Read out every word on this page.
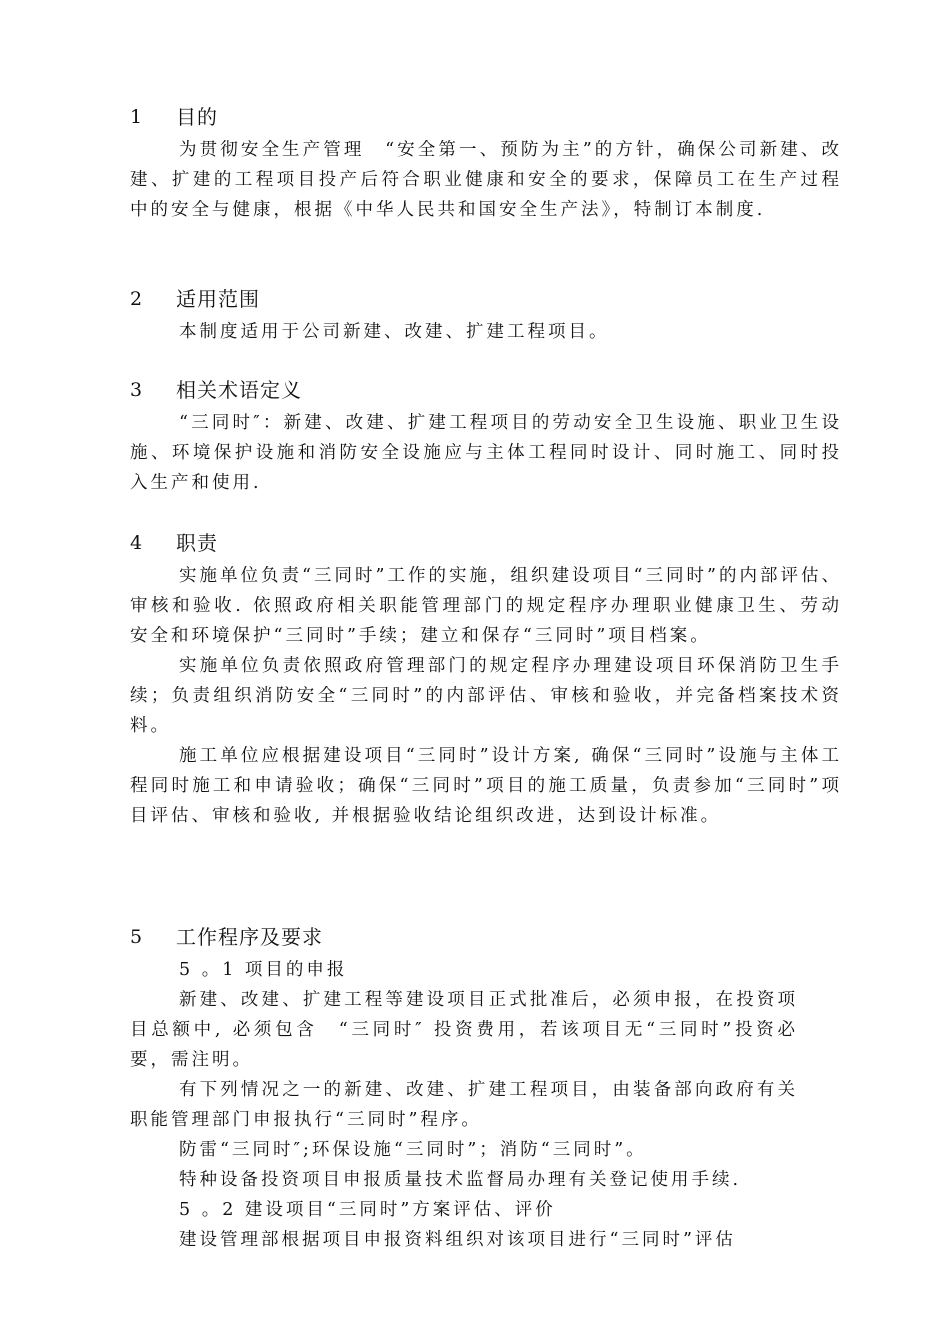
1 目的

为贯彻安全生产管理　“安全第一、预防为主”的方针，确保公司新建、改建、扩建的工程项目投产后符合职业健康和安全的要求，保障员工在生产过程中的安全与健康，根据《中华人民共和国安全生产法》，特制订本制度.

2 适用范围

本制度适用于公司新建、改建、扩建工程项目。

3 相关术语定义

“三同时″：新建、改建、扩建工程项目的劳动安全卫生设施、职业卫生设施、环境保护设施和消防安全设施应与主体工程同时设计、同时施工、同时投入生产和使用.

4 职责

实施单位负责“三同时”工作的实施，组织建设项目“三同时”的内部评估、审核和验收. 依照政府相关职能管理部门的规定程序办理职业健康卫生、劳动安全和环境保护“三同时”手续；建立和保存“三同时”项目档案。

实施单位负责依照政府管理部门的规定程序办理建设项目环保消防卫生手续；负责组织消防安全“三同时”的内部评估、审核和验收，并完备档案技术资料。

施工单位应根据建设项目“三同时”设计方案, 确保“三同时”设施与主体工程同时施工和申请验收；确保“三同时”项目的施工质量，负责参加“三同时”项目评估、审核和验收, 并根据验收结论组织改进，达到设计标准。

5 工作程序及要求
5 。1 项目的申报

新建、改建、扩建工程等建设项目正式批准后，必须申报，在投资项目总额中, 必须包含　“三同时″ 投资费用，若该项目无“三同时”投资必要，需注明。

有下列情况之一的新建、改建、扩建工程项目，由装备部向政府有关职能管理部门申报执行“三同时”程序。

防雷“三同时″;环保设施“三同时”；消防“三同时”。

特种设备投资项目申报质量技术监督局办理有关登记使用手续.

5 。2 建设项目“三同时”方案评估、评价

建设管理部根据项目申报资料组织对该项目进行“三同时”评估
